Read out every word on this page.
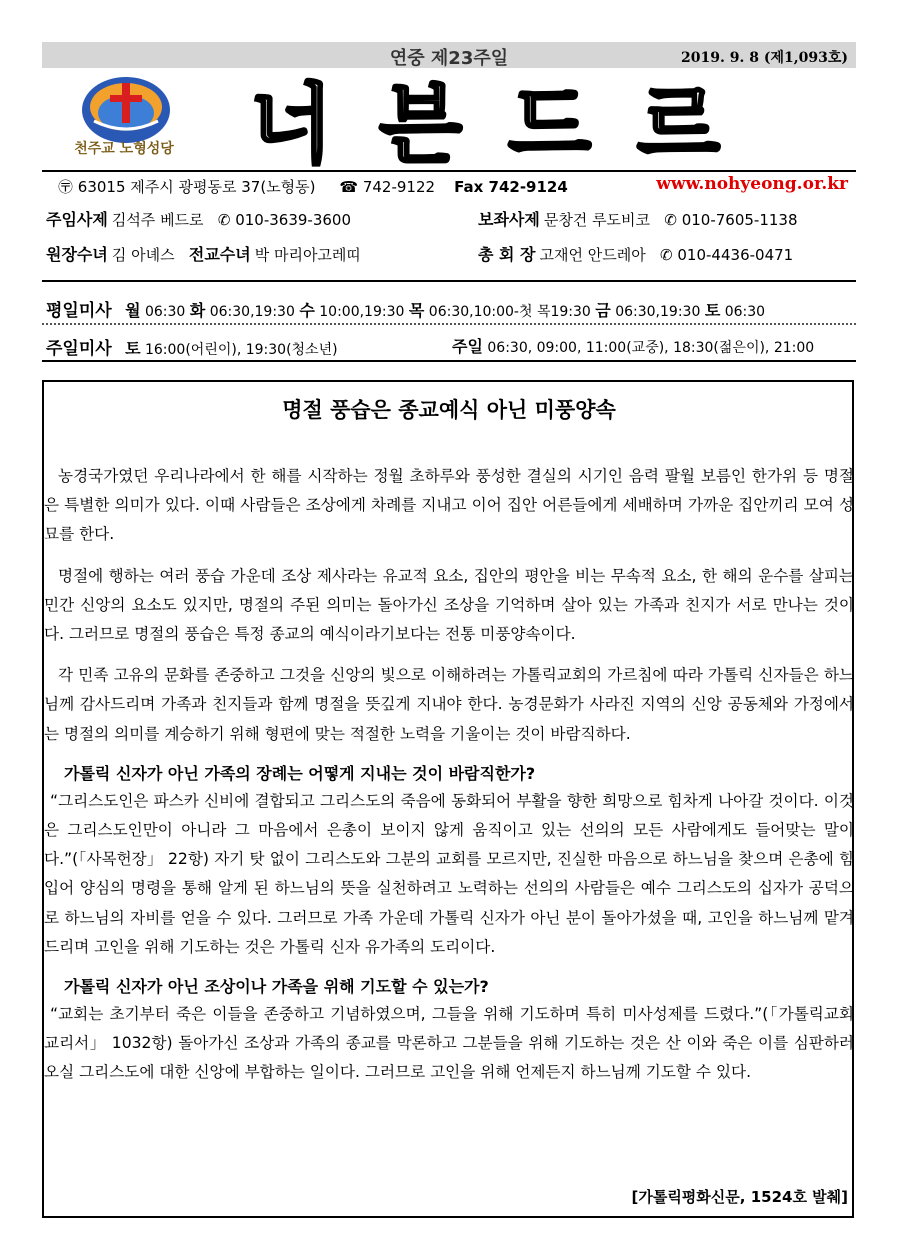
연중 제23주일	2019. 9. 8 (제1,093호)
천주교 노형성당 너 븐 드 르
〶 63015 제주시 광평동로 37(노형동) ☎ 742-9122 Fax 742-9124	www.nohyeong.or.kr
주임사제 김석주 베드로 ✆ 010-3639-3600	보좌사제 문창건 루도비코 ✆ 010-7605-1138
원장수녀 김 아녜스 전교수녀 박 마리아고레띠	총 회 장 고재언 안드레아 ✆ 010-4436-0471
평일미사 월 06:30 화 06:30,19:30 수 10:00,19:30 목 06:30,10:00-첫 목19:30 금 06:30,19:30 토 06:30
주일미사 토 16:00(어린이), 19:30(청소년)	주일 06:30, 09:00, 11:00(교중), 18:30(젊은이), 21:00
명절 풍습은 종교예식 아닌 미풍양속

농경국가였던 우리나라에서 한 해를 시작하는 정월 초하루와 풍성한 결실의 시기인 음력 팔월 보름인 한가위 등 명절은 특별한 의미가 있다. 이때 사람들은 조상에게 차례를 지내고 이어 집안 어른들에게 세배하며 가까운 집안끼리 모여 성묘를 한다.

명절에 행하는 여러 풍습 가운데 조상 제사라는 유교적 요소, 집안의 평안을 비는 무속적 요소, 한 해의 운수를 살피는 민간 신앙의 요소도 있지만, 명절의 주된 의미는 돌아가신 조상을 기억하며 살아 있는 가족과 친지가 서로 만나는 것이다. 그러므로 명절의 풍습은 특정 종교의 예식이라기보다는 전통 미풍양속이다.

각 민족 고유의 문화를 존중하고 그것을 신앙의 빛으로 이해하려는 가톨릭교회의 가르침에 따라 가톨릭 신자들은 하느님께 감사드리며 가족과 친지들과 함께 명절을 뜻깊게 지내야 한다. 농경문화가 사라진 지역의 신앙 공동체와 가정에서는 명절의 의미를 계승하기 위해 형편에 맞는 적절한 노력을 기울이는 것이 바람직하다.

가톨릭 신자가 아닌 가족의 장례는 어떻게 지내는 것이 바람직한가?

“그리스도인은 파스카 신비에 결합되고 그리스도의 죽음에 동화되어 부활을 향한 희망으로 힘차게 나아갈 것이다. 이것은 그리스도인만이 아니라 그 마음에서 은총이 보이지 않게 움직이고 있는 선의의 모든 사람에게도 들어맞는 말이다.”(「사목헌장」 22항) 자기 탓 없이 그리스도와 그분의 교회를 모르지만, 진실한 마음으로 하느님을 찾으며 은총에 힘입어 양심의 명령을 통해 알게 된 하느님의 뜻을 실천하려고 노력하는 선의의 사람들은 예수 그리스도의 십자가 공덕으로 하느님의 자비를 얻을 수 있다. 그러므로 가족 가운데 가톨릭 신자가 아닌 분이 돌아가셨을 때, 고인을 하느님께 맡겨 드리며 고인을 위해 기도하는 것은 가톨릭 신자 유가족의 도리이다.

가톨릭 신자가 아닌 조상이나 가족을 위해 기도할 수 있는가?

“교회는 초기부터 죽은 이들을 존중하고 기념하였으며, 그들을 위해 기도하며 특히 미사성제를 드렸다.”(「가톨릭교회 교리서」 1032항) 돌아가신 조상과 가족의 종교를 막론하고 그분들을 위해 기도하는 것은 산 이와 죽은 이를 심판하러 오실 그리스도에 대한 신앙에 부합하는 일이다. 그러므로 고인을 위해 언제든지 하느님께 기도할 수 있다.

[가톨릭평화신문, 1524호 발췌]
